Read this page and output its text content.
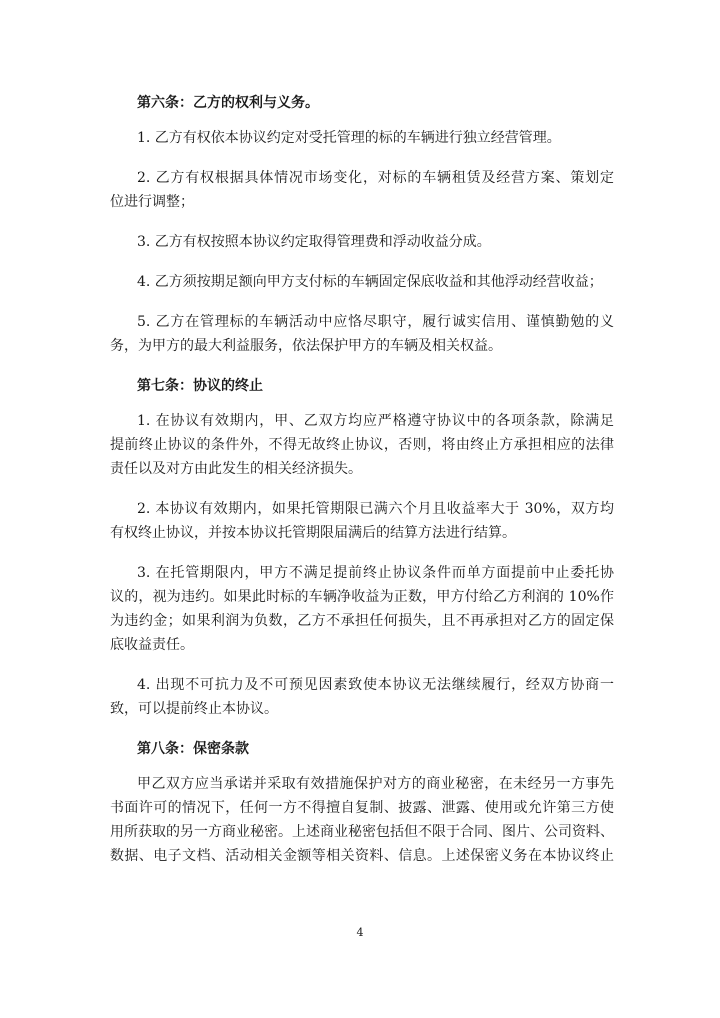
第六条：乙方的权利与义务。
1. 乙方有权依本协议约定对受托管理的标的车辆进行独立经营管理。
2. 乙方有权根据具体情况市场变化，对标的车辆租赁及经营方案、策划定
位进行调整；
3. 乙方有权按照本协议约定取得管理费和浮动收益分成。
4. 乙方须按期足额向甲方支付标的车辆固定保底收益和其他浮动经营收益；
5. 乙方在管理标的车辆活动中应恪尽职守，履行诚实信用、谨慎勤勉的义
务，为甲方的最大利益服务，依法保护甲方的车辆及相关权益。
第七条：协议的终止
1. 在协议有效期内，甲、乙双方均应严格遵守协议中的各项条款，除满足
提前终止协议的条件外，不得无故终止协议，否则，将由终止方承担相应的法律
责任以及对方由此发生的相关经济损失。
2. 本协议有效期内，如果托管期限已满六个月且收益率大于 30%，双方均
有权终止协议，并按本协议托管期限届满后的结算方法进行结算。
3. 在托管期限内，甲方不满足提前终止协议条件而单方面提前中止委托协
议的，视为违约。如果此时标的车辆净收益为正数，甲方付给乙方利润的 10%作
为违约金；如果利润为负数，乙方不承担任何损失，且不再承担对乙方的固定保
底收益责任。
4. 出现不可抗力及不可预见因素致使本协议无法继续履行，经双方协商一
致，可以提前终止本协议。
第八条：保密条款
甲乙双方应当承诺并采取有效措施保护对方的商业秘密，在未经另一方事先
书面许可的情况下，任何一方不得擅自复制、披露、泄露、使用或允许第三方使
用所获取的另一方商业秘密。上述商业秘密包括但不限于合同、图片、公司资料、
数据、电子文档、活动相关金额等相关资料、信息。上述保密义务在本协议终止
4
